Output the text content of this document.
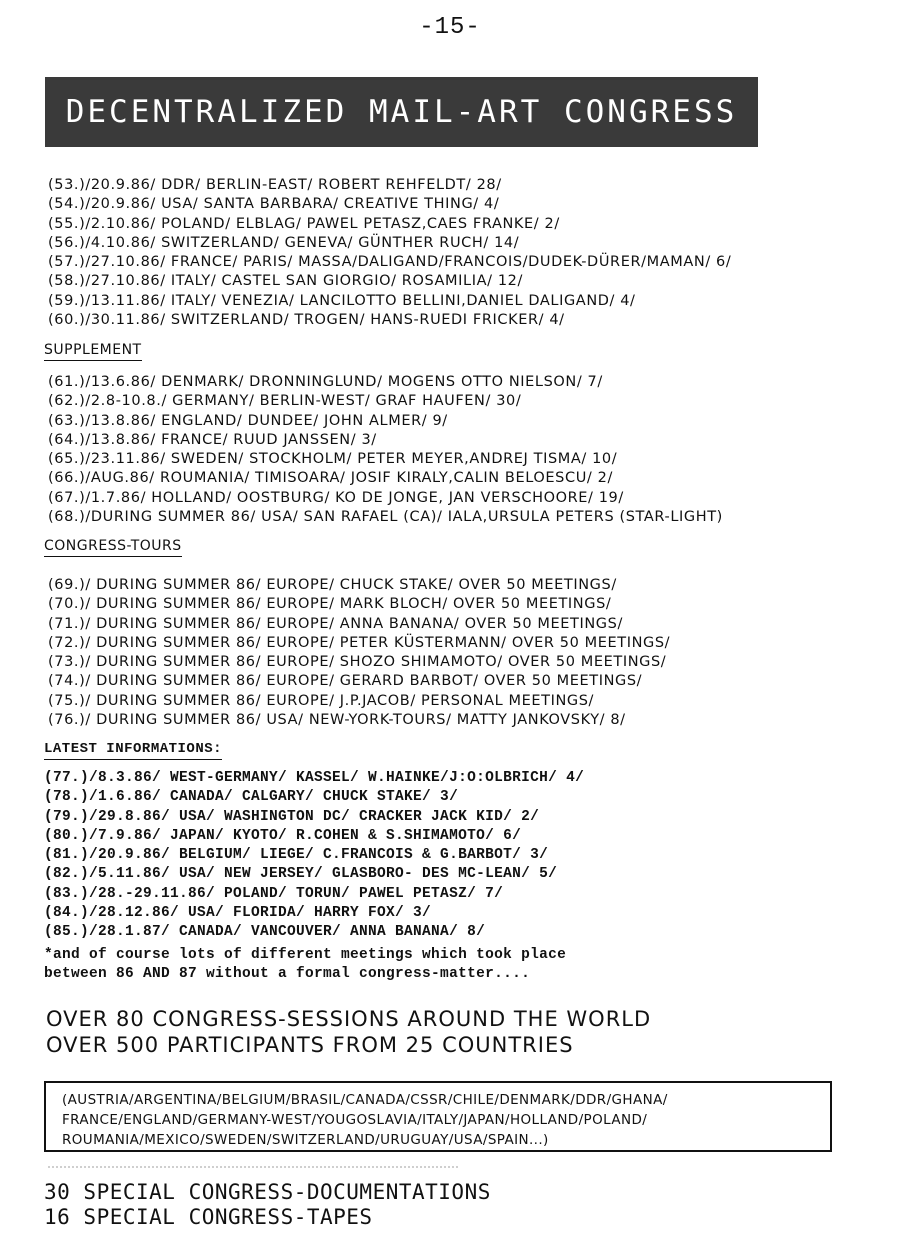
-15-
DECENTRALIZED MAIL-ART CONGRESS
(53.)/20.9.86/ DDR/ BERLIN-EAST/ ROBERT REHFELDT/ 28/
(54.)/20.9.86/ USA/ SANTA BARBARA/ CREATIVE THING/ 4/
(55.)/2.10.86/ POLAND/ ELBLAG/ PAWEL PETASZ,CAES FRANKE/ 2/
(56.)/4.10.86/ SWITZERLAND/ GENEVA/ GÜNTHER RUCH/ 14/
(57.)/27.10.86/ FRANCE/ PARIS/ MASSA/DALIGAND/FRANCOIS/DUDEK-DÜRER/MAMAN/ 6/
(58.)/27.10.86/ ITALY/ CASTEL SAN GIORGIO/ ROSAMILIA/ 12/
(59.)/13.11.86/ ITALY/ VENEZIA/ LANCILOTTO BELLINI,DANIEL DALIGAND/ 4/
(60.)/30.11.86/ SWITZERLAND/ TROGEN/ HANS-RUEDI FRICKER/ 4/
SUPPLEMENT
(61.)/13.6.86/ DENMARK/ DRONNINGLUND/ MOGENS OTTO NIELSON/ 7/
(62.)/2.8-10.8./ GERMANY/ BERLIN-WEST/ GRAF HAUFEN/ 30/
(63.)/13.8.86/ ENGLAND/ DUNDEE/ JOHN ALMER/ 9/
(64.)/13.8.86/ FRANCE/ RUUD JANSSEN/ 3/
(65.)/23.11.86/ SWEDEN/ STOCKHOLM/ PETER MEYER,ANDREJ TISMA/ 10/
(66.)/AUG.86/ ROUMANIA/ TIMISOARA/ JOSIF KIRALY,CALIN BELOESCU/ 2/
(67.)/1.7.86/ HOLLAND/ OOSTBURG/ KO DE JONGE, JAN VERSCHOORE/ 19/
(68.)/DURING SUMMER 86/ USA/ SAN RAFAEL (CA)/ IALA,URSULA PETERS (STAR-LIGHT)
CONGRESS-TOURS
(69.)/ DURING SUMMER 86/ EUROPE/ CHUCK STAKE/ OVER 50 MEETINGS/
(70.)/ DURING SUMMER 86/ EUROPE/ MARK BLOCH/ OVER 50 MEETINGS/
(71.)/ DURING SUMMER 86/ EUROPE/ ANNA BANANA/ OVER 50 MEETINGS/
(72.)/ DURING SUMMER 86/ EUROPE/ PETER KÜSTERMANN/ OVER 50 MEETINGS/
(73.)/ DURING SUMMER 86/ EUROPE/ SHOZO SHIMAMOTO/ OVER 50 MEETINGS/
(74.)/ DURING SUMMER 86/ EUROPE/ GERARD BARBOT/ OVER 50 MEETINGS/
(75.)/ DURING SUMMER 86/ EUROPE/ J.P.JACOB/ PERSONAL MEETINGS/
(76.)/ DURING SUMMER 86/ USA/ NEW-YORK-TOURS/ MATTY JANKOVSKY/ 8/
LATEST INFORMATIONS:
(77.)/8.3.86/ WEST-GERMANY/ KASSEL/ W.HAINKE/J:O:OLBRICH/ 4/
(78.)/1.6.86/ CANADA/ CALGARY/ CHUCK STAKE/ 3/
(79.)/29.8.86/ USA/ WASHINGTON DC/ CRACKER JACK KID/ 2/
(80.)/7.9.86/ JAPAN/ KYOTO/ R.COHEN & S.SHIMAMOTO/ 6/
(81.)/20.9.86/ BELGIUM/ LIEGE/ C.FRANCOIS & G.BARBOT/ 3/
(82.)/5.11.86/ USA/ NEW JERSEY/ GLASBORO- DES MC-LEAN/ 5/
(83.)/28.-29.11.86/ POLAND/ TORUN/ PAWEL PETASZ/ 7/
(84.)/28.12.86/ USA/ FLORIDA/ HARRY FOX/ 3/
(85.)/28.1.87/ CANADA/ VANCOUVER/ ANNA BANANA/ 8/
*and of course lots of different meetings which took place
between 86 AND 87 without a formal congress-matter....
OVER 80 CONGRESS-SESSIONS AROUND THE WORLD
OVER 500 PARTICIPANTS FROM 25 COUNTRIES
(AUSTRIA/ARGENTINA/BELGIUM/BRASIL/CANADA/CSSR/CHILE/DENMARK/DDR/GHANA/
FRANCE/ENGLAND/GERMANY-WEST/YOUGOSLAVIA/ITALY/JAPAN/HOLLAND/POLAND/
ROUMANIA/MEXICO/SWEDEN/SWITZERLAND/URUGUAY/USA/SPAIN...)
30 SPECIAL CONGRESS-DOCUMENTATIONS
16 SPECIAL CONGRESS-TAPES
